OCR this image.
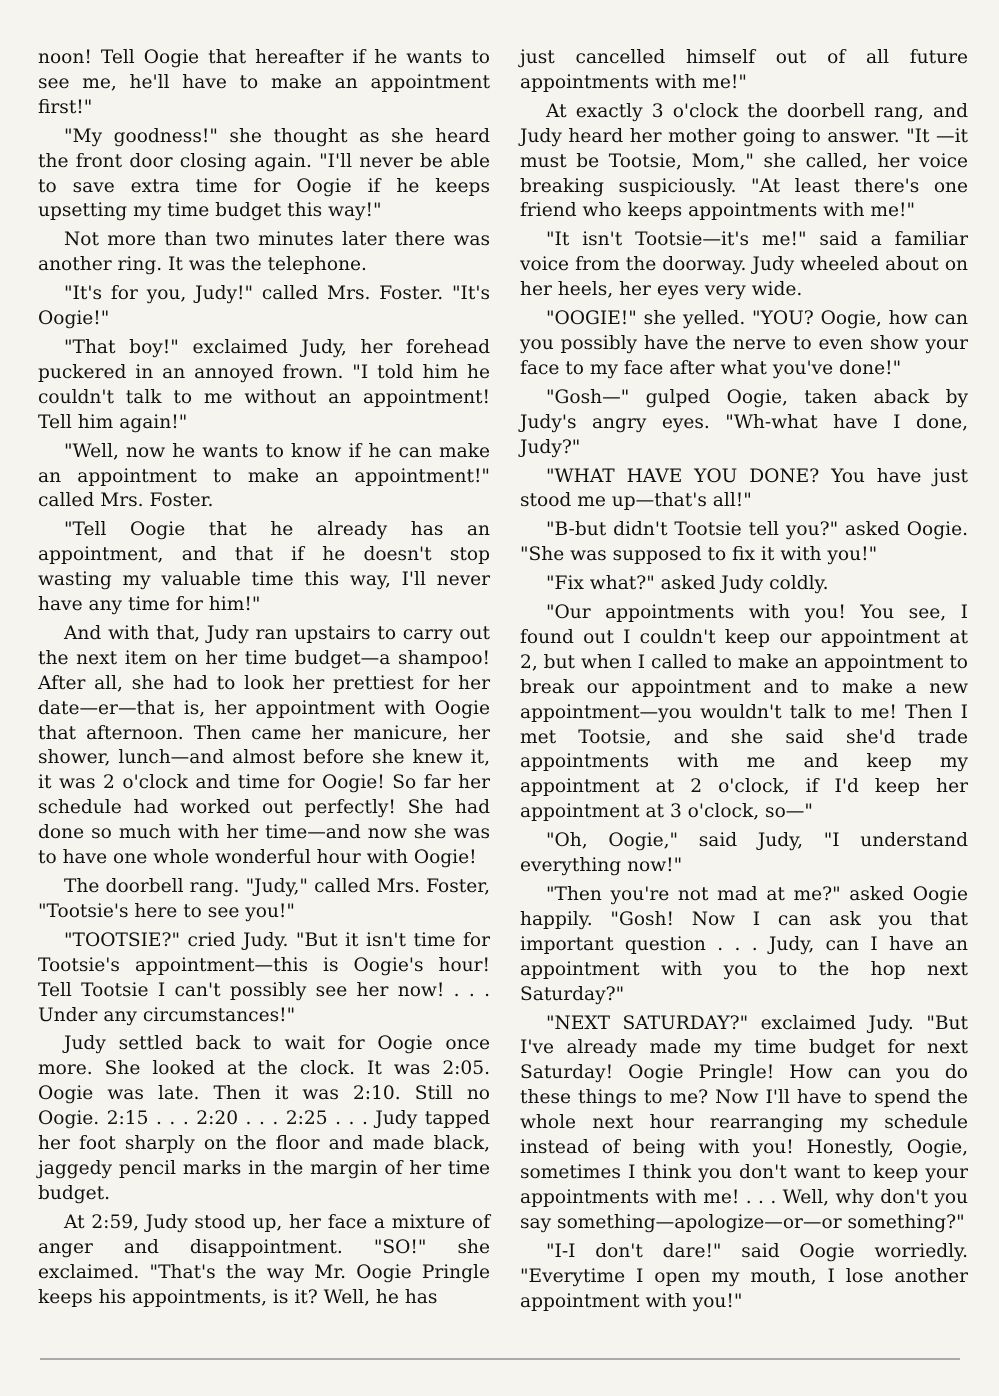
noon! Tell Oogie that hereafter if he wants to see me, he'll have to make an appointment first!"

"My goodness!" she thought as she heard the front door closing again. "I'll never be able to save extra time for Oogie if he keeps upsetting my time budget this way!"

Not more than two minutes later there was another ring. It was the telephone.

"It's for you, Judy!" called Mrs. Foster. "It's Oogie!"

"That boy!" exclaimed Judy, her forehead puckered in an annoyed frown. "I told him he couldn't talk to me without an appointment! Tell him again!"

"Well, now he wants to know if he can make an appointment to make an appointment!" called Mrs. Foster.

"Tell Oogie that he already has an appointment, and that if he doesn't stop wasting my valuable time this way, I'll never have any time for him!"

And with that, Judy ran upstairs to carry out the next item on her time budget—a shampoo! After all, she had to look her prettiest for her date—er—that is, her appointment with Oogie that afternoon. Then came her manicure, her shower, lunch—and almost before she knew it, it was 2 o'clock and time for Oogie! So far her schedule had worked out perfectly! She had done so much with her time—and now she was to have one whole wonderful hour with Oogie!

The doorbell rang. "Judy," called Mrs. Foster, "Tootsie's here to see you!"

"TOOTSIE?" cried Judy. "But it isn't time for Tootsie's appointment—this is Oogie's hour! Tell Tootsie I can't possibly see her now! . . . Under any circumstances!"

Judy settled back to wait for Oogie once more. She looked at the clock. It was 2:05. Oogie was late. Then it was 2:10. Still no Oogie. 2:15 . . . 2:20 . . . 2:25 . . . Judy tapped her foot sharply on the floor and made black, jaggedy pencil marks in the margin of her time budget.

At 2:59, Judy stood up, her face a mixture of anger and disappointment. "SO!" she exclaimed. "That's the way Mr. Oogie Pringle keeps his appointments, is it? Well, he has

just cancelled himself out of all future appointments with me!"

At exactly 3 o'clock the doorbell rang, and Judy heard her mother going to answer. "It —it must be Tootsie, Mom," she called, her voice breaking suspiciously. "At least there's one friend who keeps appointments with me!"

"It isn't Tootsie—it's me!" said a familiar voice from the doorway. Judy wheeled about on her heels, her eyes very wide.

"OOGIE!" she yelled. "YOU? Oogie, how can you possibly have the nerve to even show your face to my face after what you've done!"

"Gosh—" gulped Oogie, taken aback by Judy's angry eyes. "Wh-what have I done, Judy?"

"WHAT HAVE YOU DONE? You have just stood me up—that's all!"

"B-but didn't Tootsie tell you?" asked Oogie. "She was supposed to fix it with you!"

"Fix what?" asked Judy coldly.

"Our appointments with you! You see, I found out I couldn't keep our appointment at 2, but when I called to make an appointment to break our appointment and to make a new appointment—you wouldn't talk to me! Then I met Tootsie, and she said she'd trade appointments with me and keep my appointment at 2 o'clock, if I'd keep her appointment at 3 o'clock, so—"

"Oh, Oogie," said Judy, "I understand everything now!"

"Then you're not mad at me?" asked Oogie happily. "Gosh! Now I can ask you that important question . . . Judy, can I have an appointment with you to the hop next Saturday?"

"NEXT SATURDAY?" exclaimed Judy. "But I've already made my time budget for next Saturday! Oogie Pringle! How can you do these things to me? Now I'll have to spend the whole next hour rearranging my schedule instead of being with you! Honestly, Oogie, sometimes I think you don't want to keep your appointments with me! . . . Well, why don't you say something—apologize—or—or something?"

"I-I don't dare!" said Oogie worriedly. "Everytime I open my mouth, I lose another appointment with you!"
